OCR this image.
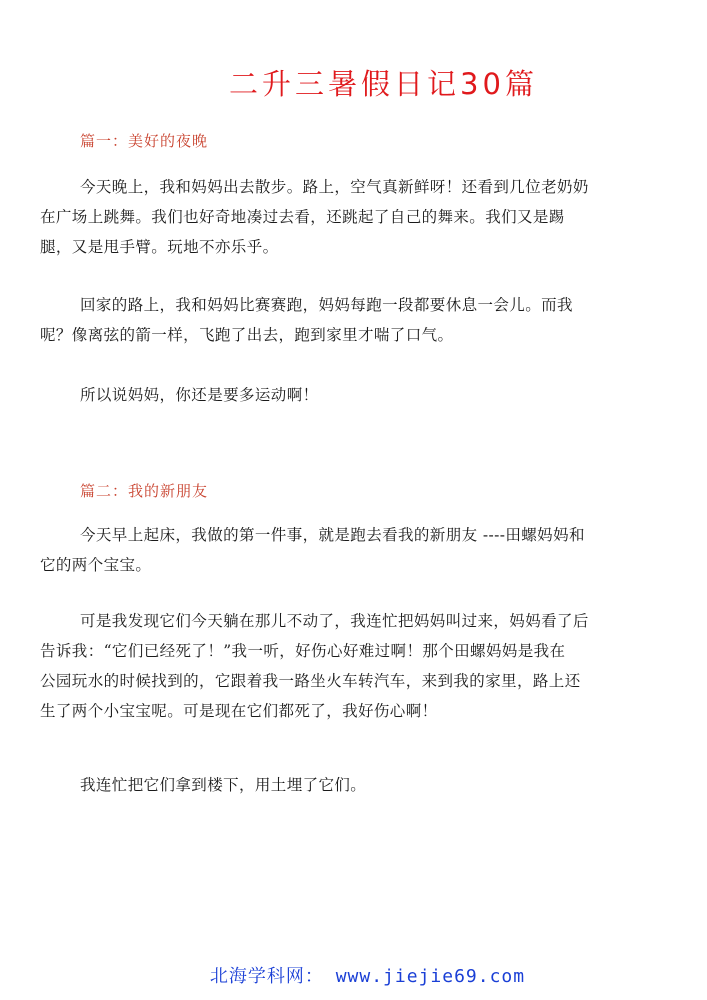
二升三暑假日记30篇
篇一：美好的夜晚
今天晚上，我和妈妈出去散步。路上，空气真新鲜呀！还看到几位老奶奶
在广场上跳舞。我们也好奇地凑过去看，还跳起了自己的舞来。我们又是踢
腿，又是甩手臂。玩地不亦乐乎。
回家的路上，我和妈妈比赛赛跑，妈妈每跑一段都要休息一会儿。而我
呢？像离弦的箭一样，飞跑了出去，跑到家里才喘了口气。
所以说妈妈，你还是要多运动啊！
篇二：我的新朋友
今天早上起床，我做的第一件事，就是跑去看我的新朋友 ----田螺妈妈和
它的两个宝宝。
可是我发现它们今天躺在那儿不动了，我连忙把妈妈叫过来，妈妈看了后
告诉我：“它们已经死了！”我一听，好伤心好难过啊！那个田螺妈妈是我在
公园玩水的时候找到的，它跟着我一路坐火车转汽车，来到我的家里，路上还
生了两个小宝宝呢。可是现在它们都死了，我好伤心啊！
我连忙把它们拿到楼下，用土埋了它们。
北海学科网： www.jiejie69.com
